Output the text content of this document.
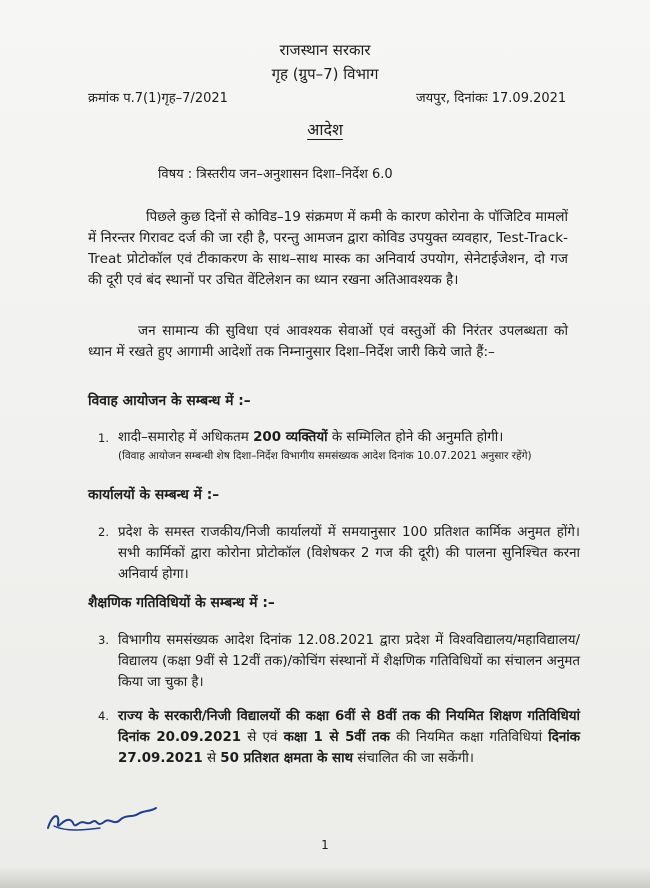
राजस्थान सरकार
गृह (ग्रुप–7) विभाग
क्रमांक प.7(1)गृह–7/2021	जयपुर, दिनांकः 17.09.2021
आदेश
विषय : त्रिस्तरीय जन–अनुशासन दिशा–निर्देश 6.0

पिछले कुछ दिनों से कोविड–19 संक्रमण में कमी के कारण कोरोना के पॉजिटिव मामलों में निरन्तर गिरावट दर्ज की जा रही है, परन्तु आमजन द्वारा कोविड उपयुक्त व्यवहार, Test-Track-Treat प्रोटोकॉल एवं टीकाकरण के साथ–साथ मास्क का अनिवार्य उपयोग, सेनेटाईजेशन, दो गज की दूरी एवं बंद स्थानों पर उचित वेंटिलेशन का ध्यान रखना अतिआवश्यक है।

जन सामान्य की सुविधा एवं आवश्यक सेवाओं एवं वस्तुओं की निरंतर उपलब्धता को ध्यान में रखते हुए आगामी आदेशों तक निम्नानुसार दिशा–निर्देश जारी किये जाते हैं:–

विवाह आयोजन के सम्बन्ध में :–
1. शादी–समारोह में अधिकतम 200 व्यक्तियों के सम्मिलित होने की अनुमति होगी।
(विवाह आयोजन सम्बन्धी शेष दिशा–निर्देश विभागीय समसंख्यक आदेश दिनांक 10.07.2021 अनुसार रहेंगे)
कार्यालयों के सम्बन्ध में :–
2. प्रदेश के समस्त राजकीय/निजी कार्यालयों में समयानुसार 100 प्रतिशत कार्मिक अनुमत होंगे। सभी कार्मिकों द्वारा कोरोना प्रोटोकॉल (विशेषकर 2 गज की दूरी) की पालना सुनिश्चित करना अनिवार्य होगा।
शैक्षणिक गतिविधियों के सम्बन्ध में :–
3. विभागीय समसंख्यक आदेश दिनांक 12.08.2021 द्वारा प्रदेश में विश्वविद्यालय/महाविद्यालय/विद्यालय (कक्षा 9वीं से 12वीं तक)/कोचिंग संस्थानों में शैक्षणिक गतिविधियों का संचालन अनुमत किया जा चुका है।
4. राज्य के सरकारी/निजी विद्यालयों की कक्षा 6वीं से 8वीं तक की नियमित शिक्षण गतिविधियां दिनांक 20.09.2021 से एवं कक्षा 1 से 5वीं तक की नियमित कक्षा गतिविधियां दिनांक 27.09.2021 से 50 प्रतिशत क्षमता के साथ संचालित की जा सकेंगी।
1
